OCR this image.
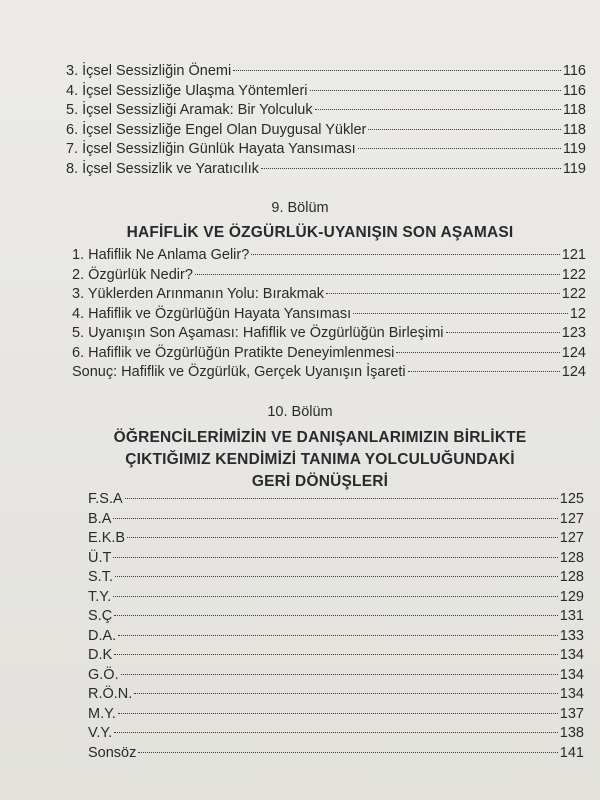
3. İçsel Sessizliğin Önemi	116
4. İçsel Sessizliğe Ulaşma Yöntemleri	116
5. İçsel Sessizliği Aramak: Bir Yolculuk	118
6. İçsel Sessizliğe Engel Olan Duygusal Yükler	118
7. İçsel Sessizliğin Günlük Hayata Yansıması	119
8. İçsel Sessizlik ve Yaratıcılık	119
9. Bölüm
HAFİFLİK VE ÖZGÜRLÜK-UYANIŞIN SON AŞAMASI
1. Hafiflik Ne Anlama Gelir?	121
2. Özgürlük Nedir?	122
3. Yüklerden Arınmanın Yolu: Bırakmak	122
4. Hafiflik ve Özgürlüğün Hayata Yansıması	12
5. Uyanışın Son Aşaması: Hafiflik ve Özgürlüğün Birleşimi	123
6. Hafiflik ve Özgürlüğün Pratikte Deneyimlenmesi	124
Sonuç: Hafiflik ve Özgürlük, Gerçek Uyanışın İşareti	124
10. Bölüm
ÖĞRENCİLERİMİZİN VE DANIŞANLARIMIZIN BİRLİKTE
ÇIKTIĞIMIZ KENDİMİZİ TANIMA YOLCULUĞUNDAKİ
GERİ DÖNÜŞLERİ
F.S.A	125
B.A	127
E.K.B	127
Ü.T	128
S.T.	128
T.Y.	129
S.Ç	131
D.A.	133
D.K	134
G.Ö.	134
R.Ö.N.	134
M.Y.	137
V.Y.	138
Sonsöz	141
